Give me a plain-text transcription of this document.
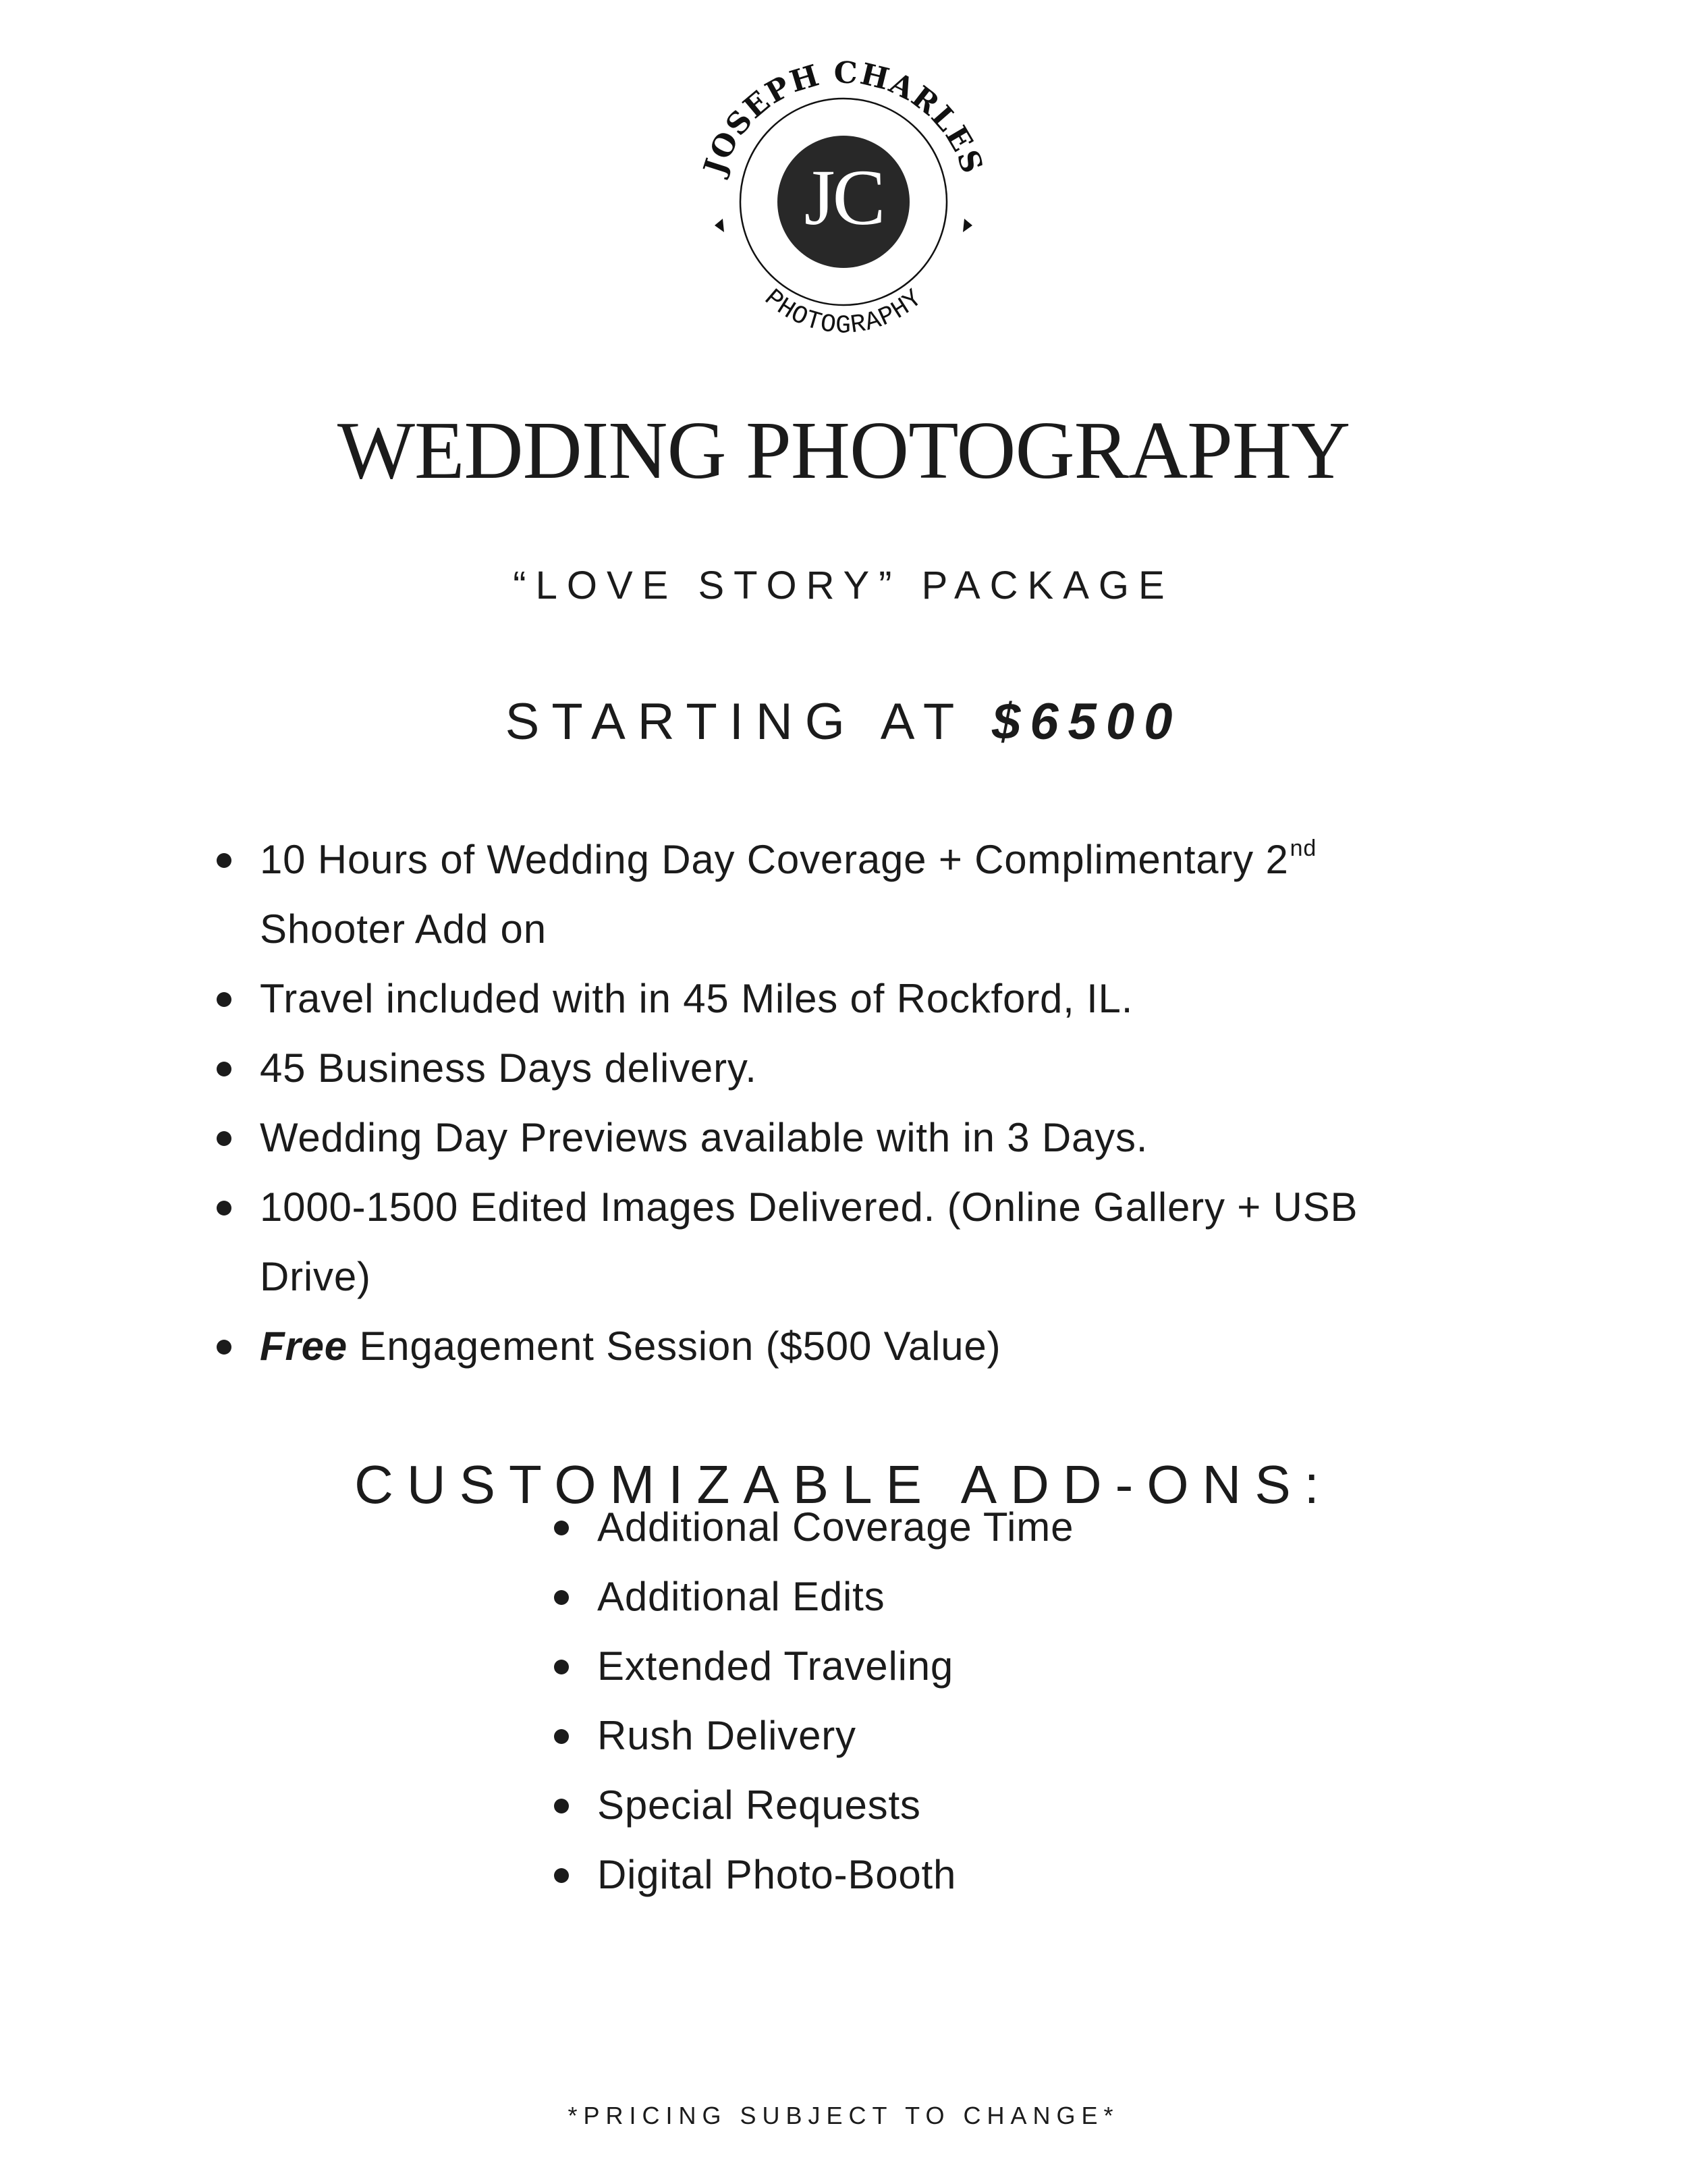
JC
JOSEPH CHARLES
PHOTOGRAPHY
WEDDING PHOTOGRAPHY
“LOVE STORY” PACKAGE
STARTING AT $6500
10 Hours of Wedding Day Coverage + Complimentary 2nd Shooter Add on
Travel included with in 45 Miles of Rockford, IL.
45 Business Days delivery.
Wedding Day Previews available with in 3 Days.
1000-1500 Edited Images Delivered. (Online Gallery + USB Drive)
Free Engagement Session ($500 Value)
CUSTOMIZABLE ADD-ONS:
Additional Coverage Time
Additional Edits
Extended Traveling
Rush Delivery
Special Requests
Digital Photo-Booth
*PRICING SUBJECT TO CHANGE*
